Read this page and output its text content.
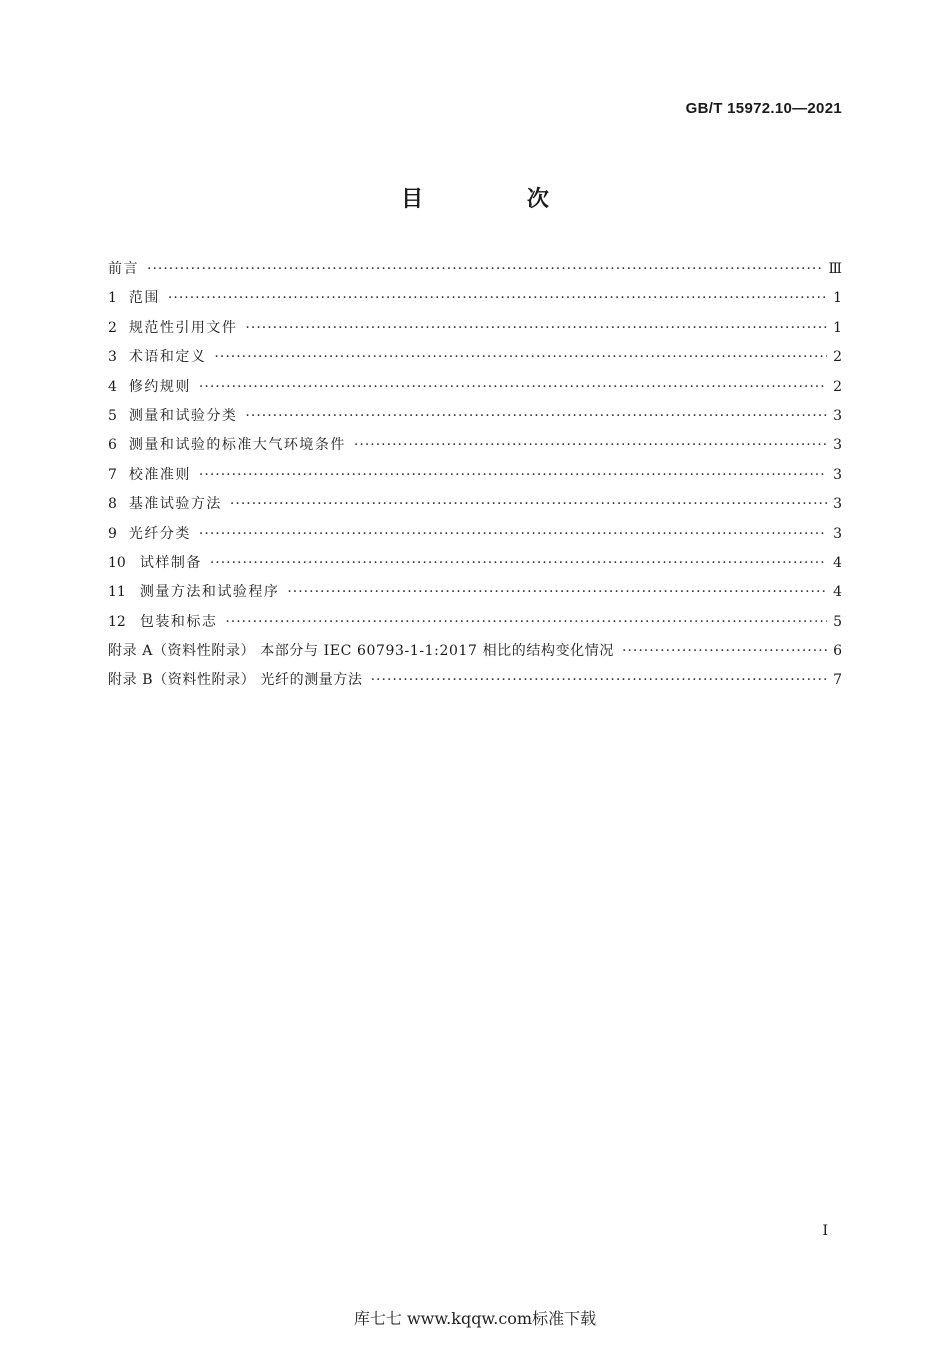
GB/T 15972.10—2021
目 次
前言 ·····	Ⅲ
1 范围 ·····	1
2 规范性引用文件 ·····	1
3 术语和定义 ·····	2
4 修约规则 ·····	2
5 测量和试验分类 ·····	3
6 测量和试验的标准大气环境条件 ·····	3
7 校准准则 ·····	3
8 基准试验方法 ·····	3
9 光纤分类 ·····	3
10 试样制备 ·····	4
11 测量方法和试验程序 ·····	4
12 包装和标志 ·····	5
附录 A（资料性附录） 本部分与 IEC 60793-1-1:2017 相比的结构变化情况 ·····	6
附录 B（资料性附录） 光纤的测量方法 ·····	7
I
库七七 www.kqqw.com标准下载
